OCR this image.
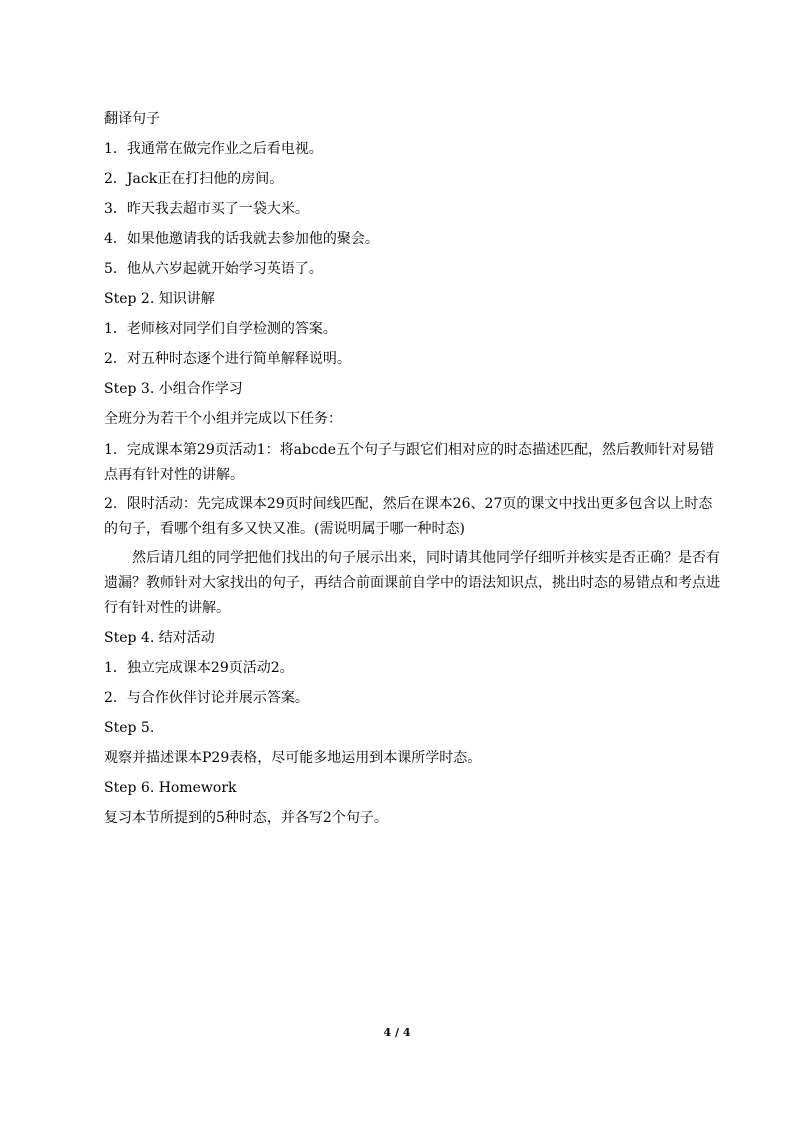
翻译句子
1．我通常在做完作业之后看电视。
2．Jack正在打扫他的房间。
3．昨天我去超市买了一袋大米。
4．如果他邀请我的话我就去参加他的聚会。
5．他从六岁起就开始学习英语了。
Step 2. 知识讲解
1．老师核对同学们自学检测的答案。
2．对五种时态逐个进行简单解释说明。
Step 3. 小组合作学习
全班分为若干个小组并完成以下任务：
1．完成课本第29页活动1：将abcde五个句子与跟它们相对应的时态描述匹配，然后教师针对易错点再有针对性的讲解。
2．限时活动：先完成课本29页时间线匹配，然后在课本26、27页的课文中找出更多包含以上时态的句子，看哪个组有多又快又准。(需说明属于哪一种时态)
然后请几组的同学把他们找出的句子展示出来，同时请其他同学仔细听并核实是否正确？是否有遗漏？教师针对大家找出的句子，再结合前面课前自学中的语法知识点，挑出时态的易错点和考点进行有针对性的讲解。
Step 4. 结对活动
1．独立完成课本29页活动2。
2．与合作伙伴讨论并展示答案。
Step 5.
观察并描述课本P29表格，尽可能多地运用到本课所学时态。
Step 6. Homework
复习本节所提到的5种时态，并各写2个句子。
4 / 4
